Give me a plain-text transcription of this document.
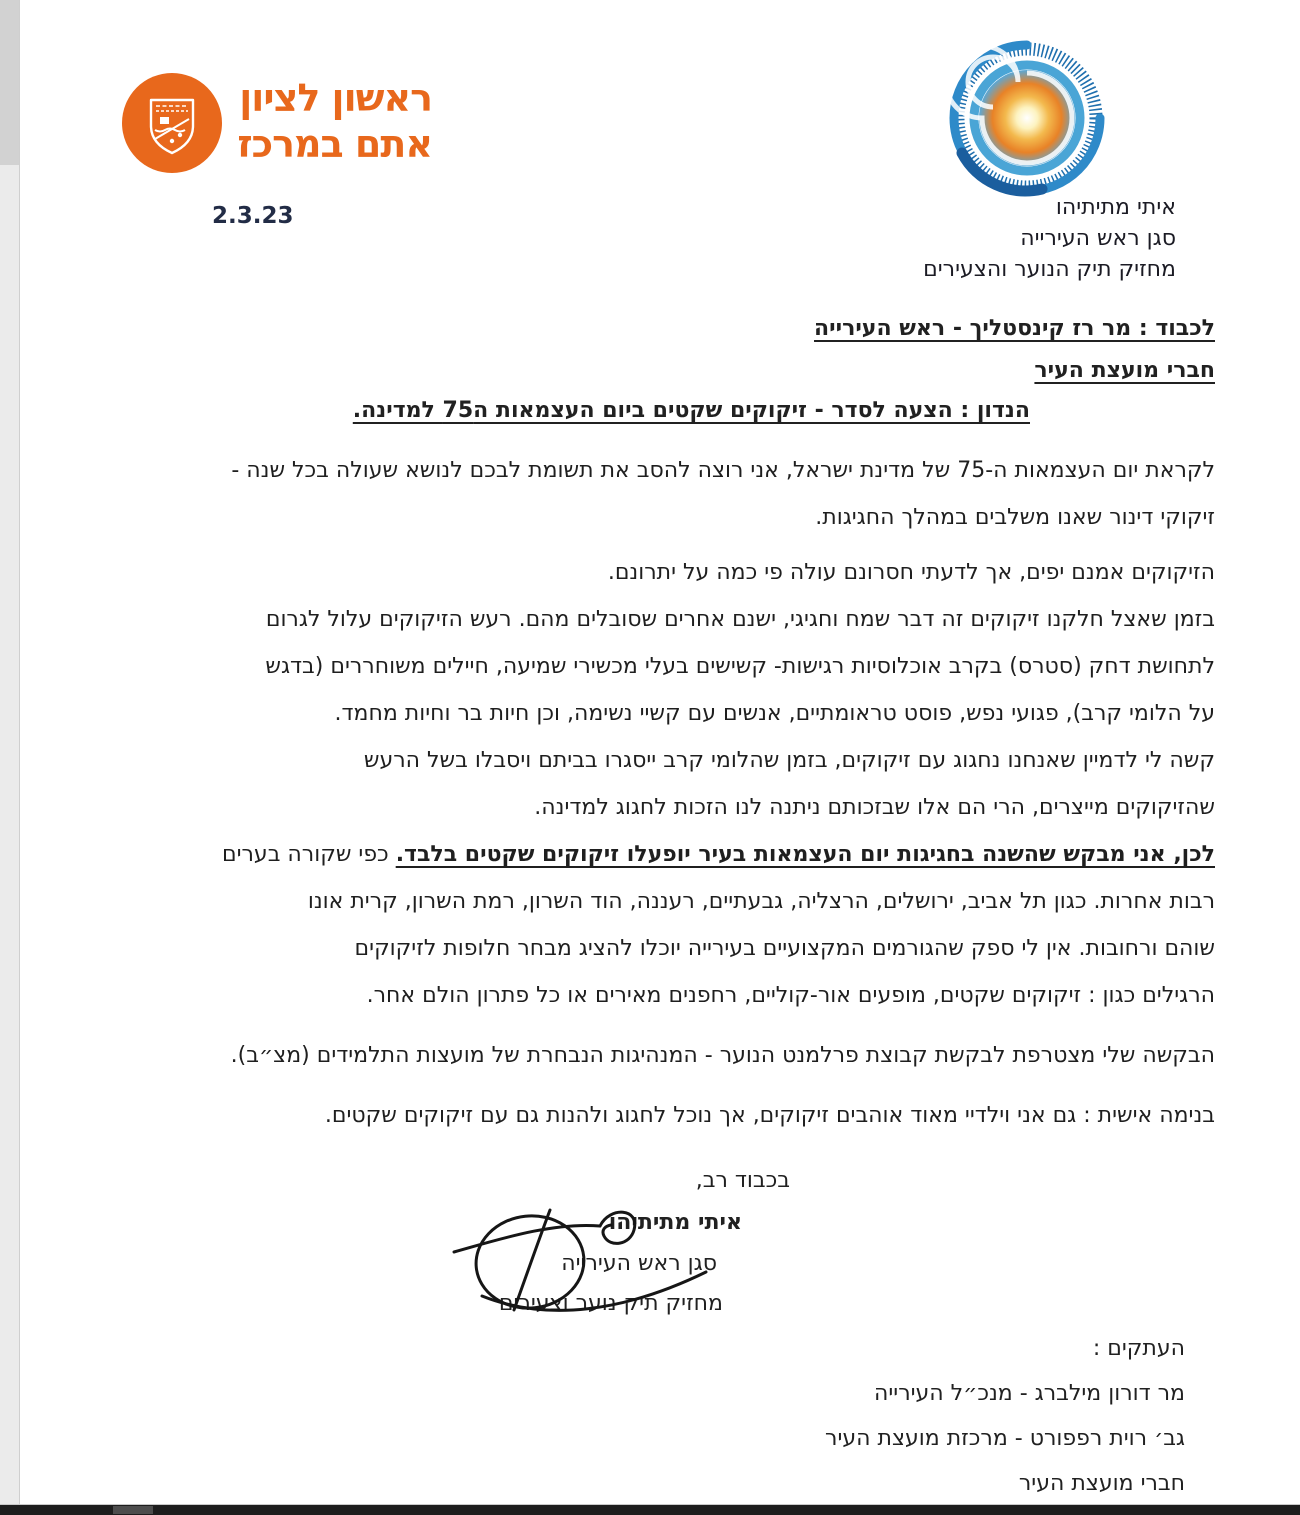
ראשון לציון
אתם במרכז
2.3.23	איתי מתיתיהו
סגן ראש העירייה
מחזיק תיק הנוער והצעירים
לכבוד : מר רז קינסטליך - ראש העירייה
חברי מועצת העיר
הנדון : הצעה לסדר - זיקוקים שקטים ביום העצמאות ה75 למדינה.
לקראת יום העצמאות ה-75 של מדינת ישראל, אני רוצה להסב את תשומת לבכם לנושא שעולה בכל שנה -
זיקוקי דינור שאנו משלבים במהלך החגיגות.
הזיקוקים אמנם יפים, אך לדעתי חסרונם עולה פי כמה על יתרונם.
בזמן שאצל חלקנו זיקוקים זה דבר שמח וחגיגי, ישנם אחרים שסובלים מהם. רעש הזיקוקים עלול לגרום
לתחושת דחק (סטרס) בקרב אוכלוסיות רגישות- קשישים בעלי מכשירי שמיעה, חיילים משוחררים (בדגש
על הלומי קרב), פגועי נפש, פוסט טראומתיים, אנשים עם קשיי נשימה, וכן חיות בר וחיות מחמד.
קשה לי לדמיין שאנחנו נחגוג עם זיקוקים, בזמן שהלומי קרב ייסגרו בביתם ויסבלו בשל הרעש
שהזיקוקים מייצרים, הרי הם אלו שבזכותם ניתנה לנו הזכות לחגוג למדינה.
לכן, אני מבקש שהשנה בחגיגות יום העצמאות בעיר יופעלו זיקוקים שקטים בלבד. כפי שקורה בערים
רבות אחרות. כגון תל אביב, ירושלים, הרצליה, גבעתיים, רעננה, הוד השרון, רמת השרון, קרית אונו
שוהם ורחובות. אין לי ספק שהגורמים המקצועיים בעירייה יוכלו להציג מבחר חלופות לזיקוקים
הרגילים כגון : זיקוקים שקטים, מופעים אור-קוליים, רחפנים מאירים או כל פתרון הולם אחר.
הבקשה שלי מצטרפת לבקשת קבוצת פרלמנט הנוער - המנהיגות הנבחרת של מועצות התלמידים (מצ״ב).
בנימה אישית : גם אני וילדיי מאוד אוהבים זיקוקים, אך נוכל לחגוג ולהנות גם עם זיקוקים שקטים.
בכבוד רב,
איתי מתיתיהו
סגן ראש העירייה
מחזיק תיק נוער וצעירים
העתקים :
מר דורון מילברג - מנכ״ל העירייה
גב׳ רוית רפפורט - מרכזת מועצת העיר
חברי מועצת העיר
